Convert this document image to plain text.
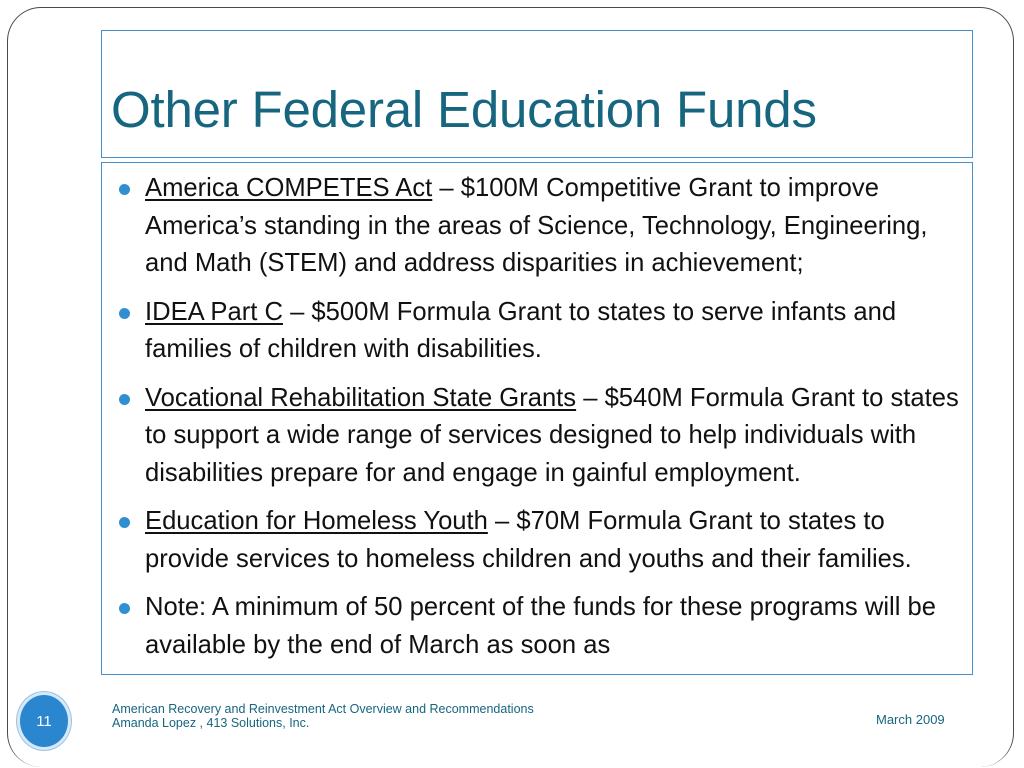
Other Federal Education Funds
America COMPETES Act – $100M Competitive Grant to improve America’s standing in the areas of Science, Technology, Engineering, and Math (STEM) and address disparities in achievement;
IDEA Part C – $500M Formula Grant to states to serve infants and families of children with disabilities.
Vocational Rehabilitation State Grants – $540M Formula Grant to states to support a wide range of services designed to help individuals with disabilities prepare for and engage in gainful employment.
Education for Homeless Youth – $70M Formula Grant to states to provide services to homeless children and youths and their families.
Note: A minimum of 50 percent of the funds for these programs will be available by the end of March as soon as
American Recovery and Reinvestment Act Overview and Recommendations
Amanda Lopez , 413 Solutions, Inc.	March 2009
11
